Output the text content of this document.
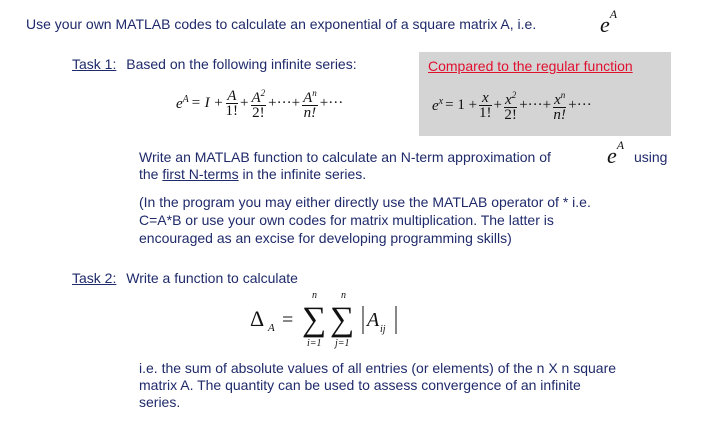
Use your own MATLAB codes to calculate an exponential of a square matrix A, i.e.	$e^A$
Task 1: Based on the following infinite series:	Compared to the regular function
$e^A = I + \frac{A}{1!} + \frac{A^2}{2!}$ +···+ $\frac{A^n}{n!}$ +···	$e^x = 1 + \frac{x}{1!} + \frac{x^2}{2!}$ +···+ $\frac{x^n}{n!}$ +···
Write an MATLAB function to calculate an N-term approximation of	$e^A$
using
the first N-terms in the infinite series.
(In the program you may either directly use the MATLAB operator of * i.e.
C=A*B or use your own codes for matrix multiplication. The latter is
encouraged as an excise for developing programming skills)
Task 2: Write a function to calculate
Δ A =
n n
∑ ∑
i=1 j=1
A ij
i.e. the sum of absolute values of all entries (or elements) of the n X n square
matrix A. The quantity can be used to assess convergence of an infinite
series.
